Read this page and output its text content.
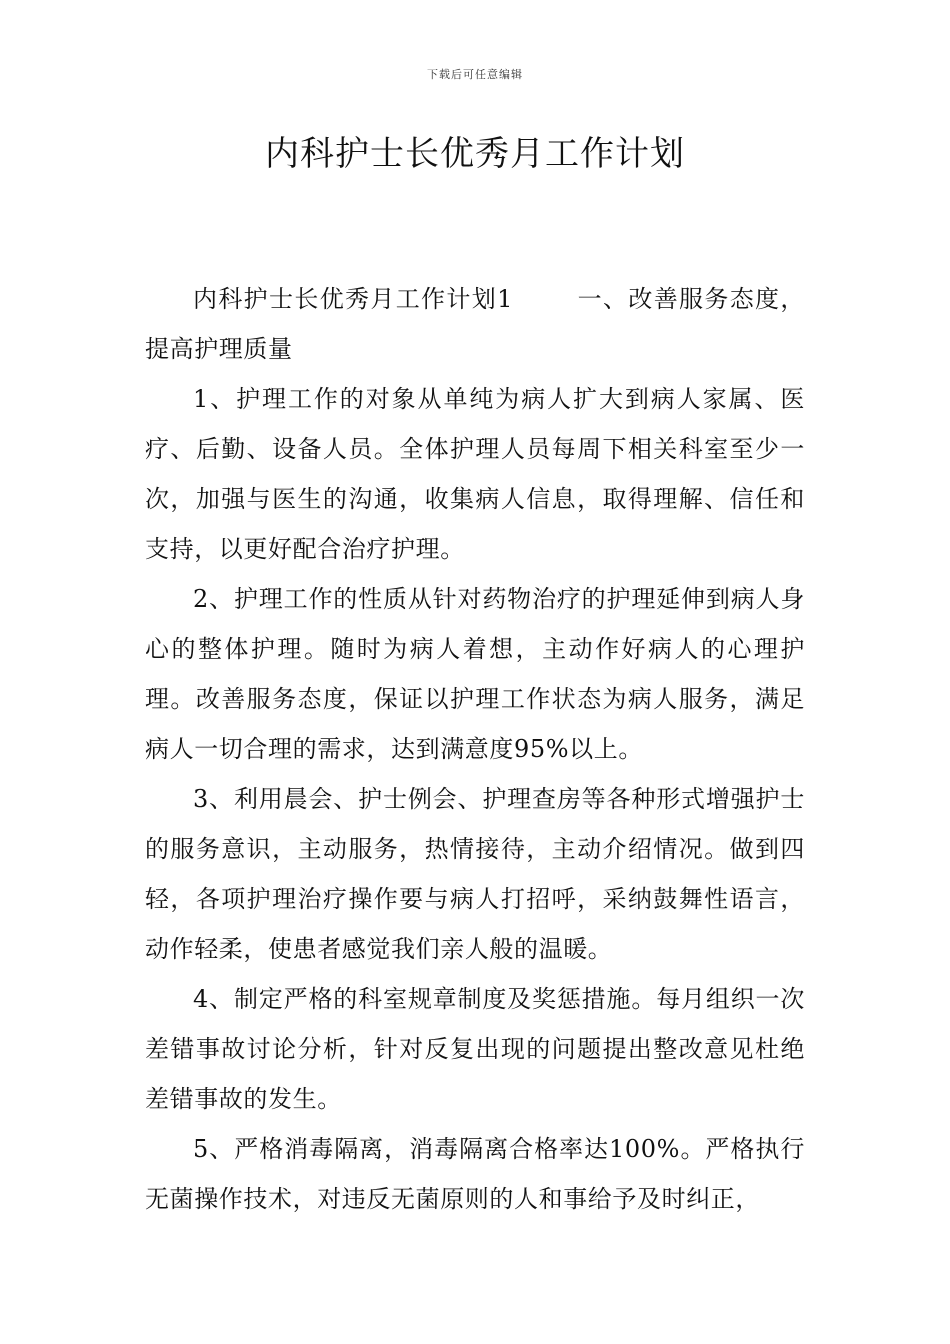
下载后可任意编辑
内科护士长优秀月工作计划

内科护士长优秀月工作计划1	一、改善服务态度，提高护理质量

1、护理工作的对象从单纯为病人扩大到病人家属、医疗、后勤、设备人员。全体护理人员每周下相关科室至少一次，加强与医生的沟通，收集病人信息，取得理解、信任和支持，以更好配合治疗护理。

2、护理工作的性质从针对药物治疗的护理延伸到病人身心的整体护理。随时为病人着想，主动作好病人的心理护理。改善服务态度，保证以护理工作状态为病人服务，满足病人一切合理的需求，达到满意度95%以上。

3、利用晨会、护士例会、护理查房等各种形式增强护士的服务意识，主动服务，热情接待，主动介绍情况。做到四轻，各项护理治疗操作要与病人打招呼，采纳鼓舞性语言，动作轻柔，使患者感觉我们亲人般的温暖。

4、制定严格的科室规章制度及奖惩措施。每月组织一次差错事故讨论分析，针对反复出现的问题提出整改意见杜绝差错事故的发生。

5、严格消毒隔离，消毒隔离合格率达100%。严格执行无菌操作技术，对违反无菌原则的人和事给予及时纠正，
